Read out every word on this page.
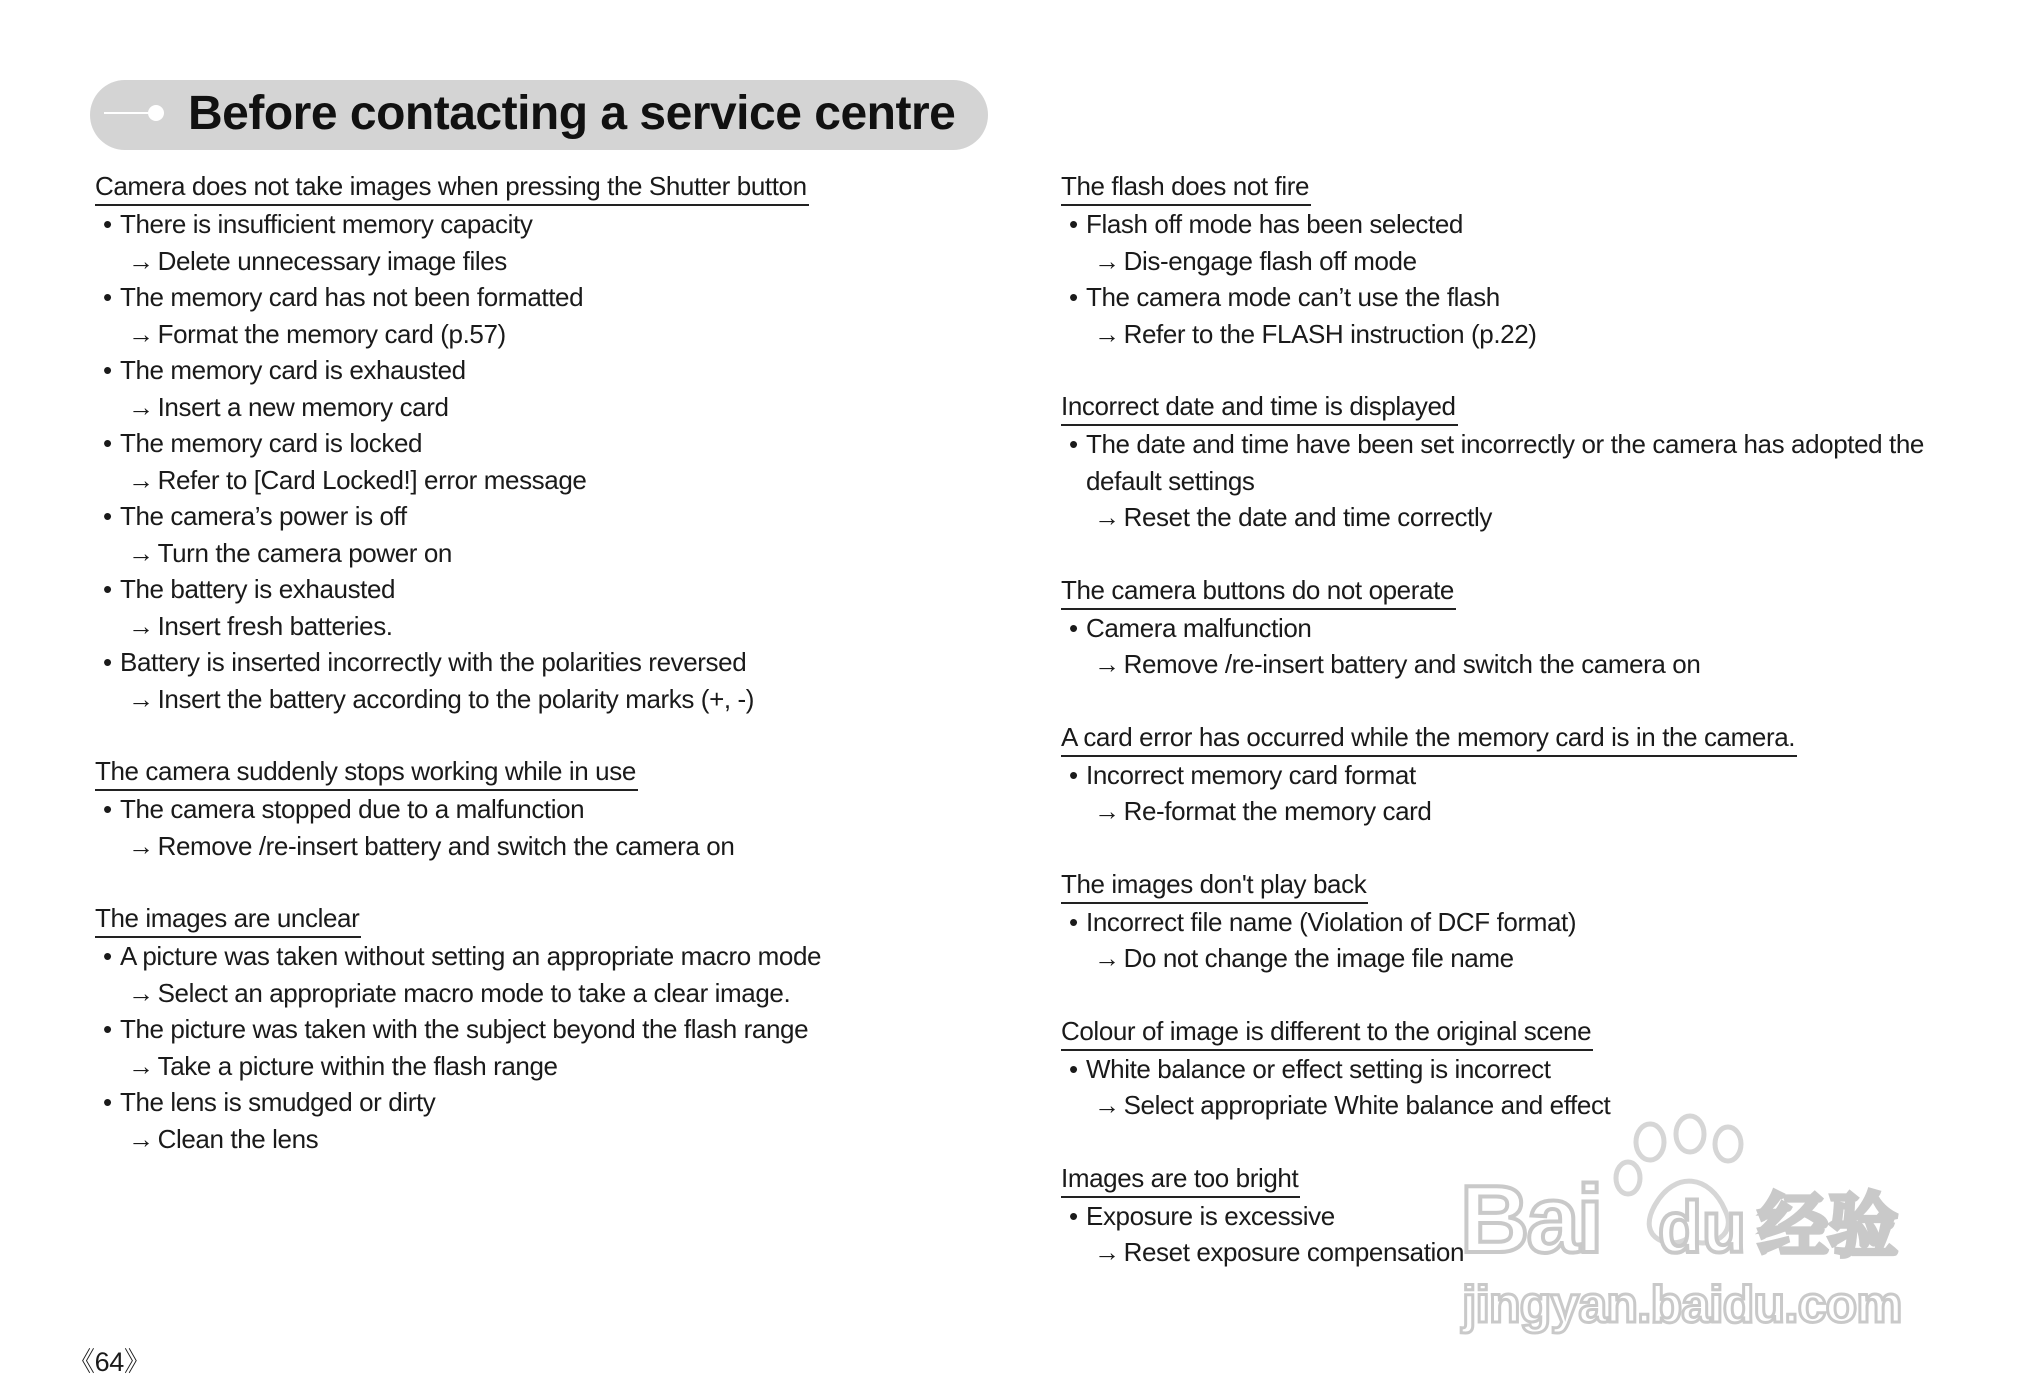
Before contacting a service centre
Camera does not take images when pressing the Shutter button
• There is insufficient memory capacity
→ Delete unnecessary image files
• The memory card has not been formatted
→ Format the memory card (p.57)
• The memory card is exhausted
→ Insert a new memory card
• The memory card is locked
→ Refer to [Card Locked!] error message
• The camera’s power is off
→ Turn the camera power on
• The battery is exhausted
→ Insert fresh batteries.
• Battery is inserted incorrectly with the polarities reversed
→ Insert the battery according to the polarity marks (+, -)
The camera suddenly stops working while in use
• The camera stopped due to a malfunction
→ Remove /re-insert battery and switch the camera on
The images are unclear
• A picture was taken without setting an appropriate macro mode
→ Select an appropriate macro mode to take a clear image.
• The picture was taken with the subject beyond the flash range
→ Take a picture within the flash range
• The lens is smudged or dirty
→ Clean the lens
The flash does not fire
• Flash off mode has been selected
→ Dis-engage flash off mode
• The camera mode can’t use the flash
→ Refer to the FLASH instruction (p.22)
Incorrect date and time is displayed
• The date and time have been set incorrectly or the camera has adopted the default settings
→ Reset the date and time correctly
The camera buttons do not operate
• Camera malfunction
→ Remove /re-insert battery and switch the camera on
A card error has occurred while the memory card is in the camera.
• Incorrect memory card format
→ Re-format the memory card
The images don't play back
• Incorrect file name (Violation of DCF format)
→ Do not change the image file name
Colour of image is different to the original scene
• White balance or effect setting is incorrect
→ Select appropriate White balance and effect
Images are too bright
• Exposure is excessive
→ Reset exposure compensation
《64》
Bai du 经验
jingyan.baidu.com
